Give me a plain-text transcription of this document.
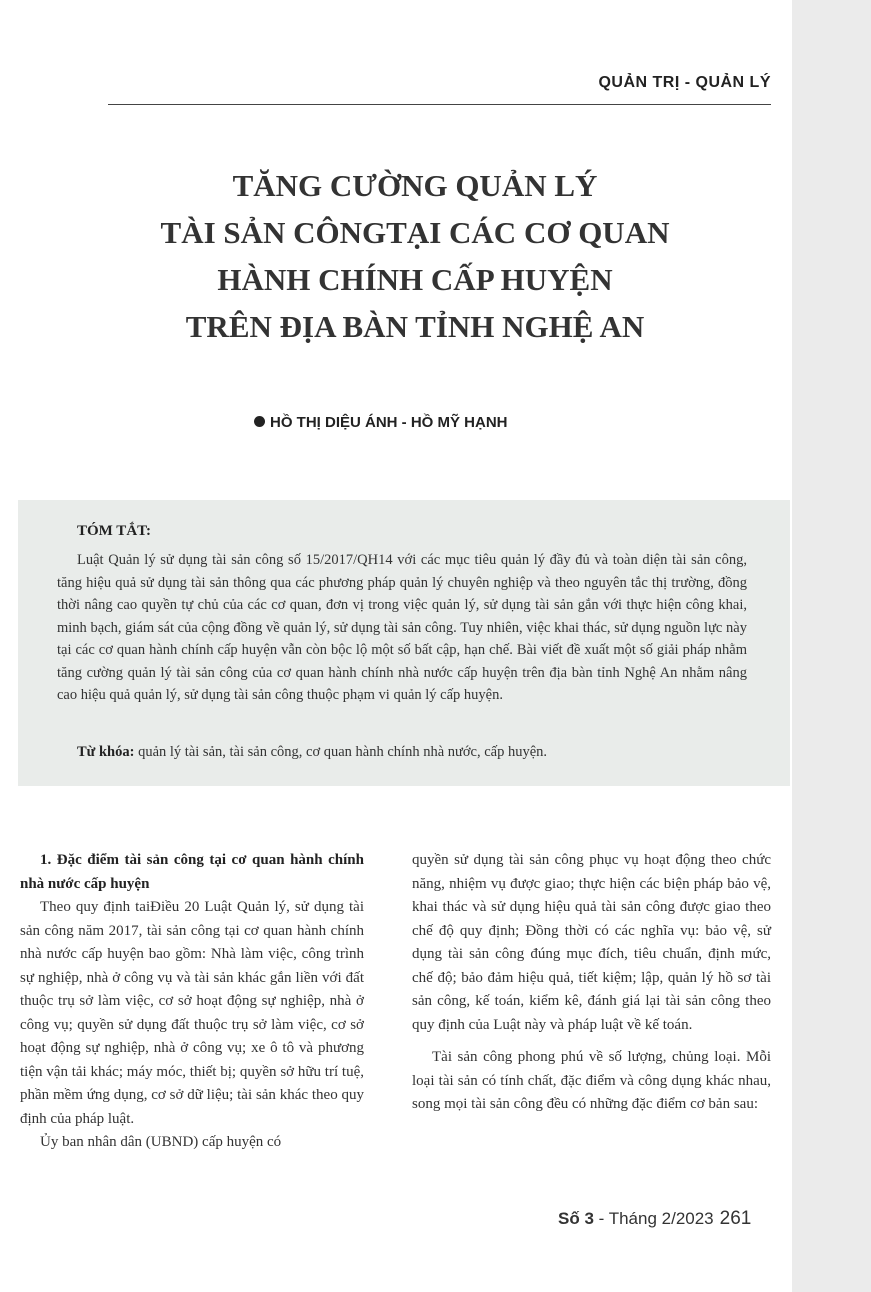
QUẢN TRỊ - QUẢN LÝ
TĂNG CƯỜNG QUẢN LÝ
TÀI SẢN CÔNGTẠI CÁC CƠ QUAN
HÀNH CHÍNH CẤP HUYỆN
TRÊN ĐỊA BÀN TỈNH NGHỆ AN
HỒ THỊ DIỆU ÁNH - HỒ MỸ HẠNH
TÓM TẮT:

Luật Quản lý sử dụng tài sản công số 15/2017/QH14 với các mục tiêu quản lý đầy đủ và toàn diện tài sản công, tăng hiệu quả sử dụng tài sản thông qua các phương pháp quản lý chuyên nghiệp và theo nguyên tắc thị trường, đồng thời nâng cao quyền tự chủ của các cơ quan, đơn vị trong việc quản lý, sử dụng tài sản gắn với thực hiện công khai, minh bạch, giám sát của cộng đồng về quản lý, sử dụng tài sản công. Tuy nhiên, việc khai thác, sử dụng nguồn lực này tại các cơ quan hành chính cấp huyện vẫn còn bộc lộ một số bất cập, hạn chế. Bài viết đề xuất một số giải pháp nhằm tăng cường quản lý tài sản công của cơ quan hành chính nhà nước cấp huyện trên địa bàn tỉnh Nghệ An nhằm nâng cao hiệu quả quản lý, sử dụng tài sản công thuộc phạm vi quản lý cấp huyện.

Từ khóa: quản lý tài sản, tài sản công, cơ quan hành chính nhà nước, cấp huyện.

1. Đặc điểm tài sản công tại cơ quan hành chính nhà nước cấp huyện

Theo quy định taiĐiều 20 Luật Quản lý, sử dụng tài sản công năm 2017, tài sản công tại cơ quan hành chính nhà nước cấp huyện bao gồm: Nhà làm việc, công trình sự nghiệp, nhà ở công vụ và tài sản khác gắn liền với đất thuộc trụ sở làm việc, cơ sở hoạt động sự nghiệp, nhà ở công vụ; quyền sử dụng đất thuộc trụ sở làm việc, cơ sở hoạt động sự nghiệp, nhà ở công vụ; xe ô tô và phương tiện vận tải khác; máy móc, thiết bị; quyền sở hữu trí tuệ, phần mềm ứng dụng, cơ sở dữ liệu; tài sản khác theo quy định của pháp luật.

Ủy ban nhân dân (UBND) cấp huyện có

quyền sử dụng tài sản công phục vụ hoạt động theo chức năng, nhiệm vụ được giao; thực hiện các biện pháp bảo vệ, khai thác và sử dụng hiệu quả tài sản công được giao theo chế độ quy định; Đồng thời có các nghĩa vụ: bảo vệ, sử dụng tài sản công đúng mục đích, tiêu chuẩn, định mức, chế độ; bảo đảm hiệu quả, tiết kiệm; lập, quản lý hồ sơ tài sản công, kế toán, kiểm kê, đánh giá lại tài sản công theo quy định của Luật này và pháp luật về kế toán.

Tài sản công phong phú về số lượng, chủng loại. Mỗi loại tài sản có tính chất, đặc điểm và công dụng khác nhau, song mọi tài sản công đều có những đặc điểm cơ bản sau:

Số 3 - Tháng 2/2023 261
